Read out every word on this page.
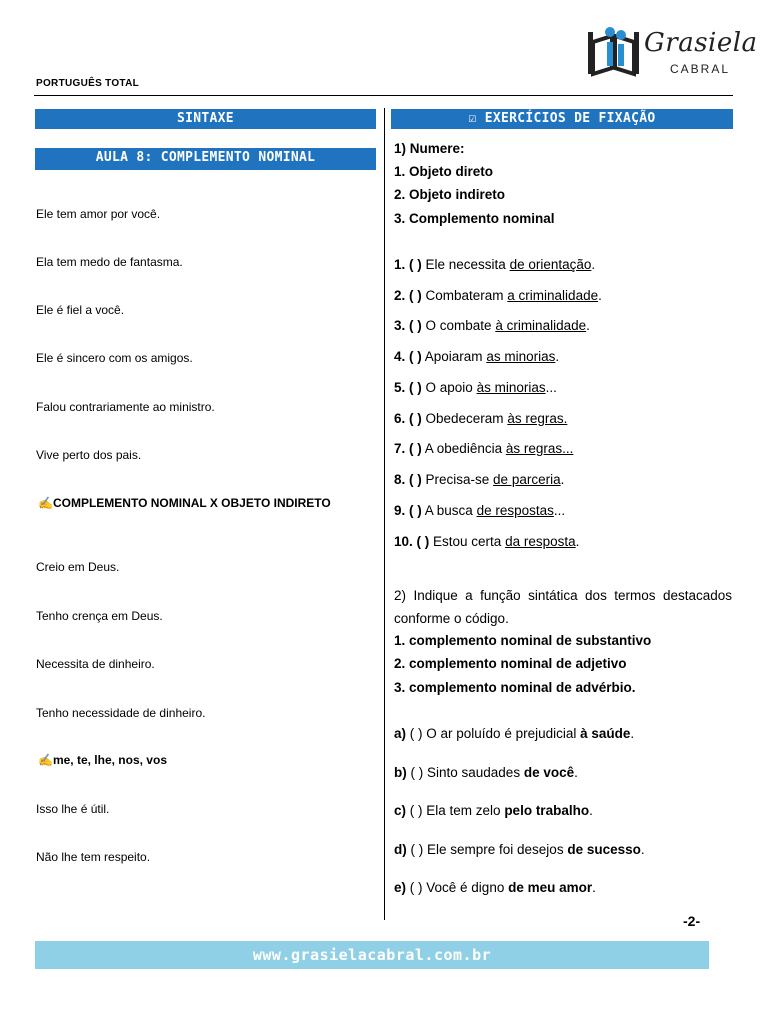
PORTUGUÊS TOTAL
Grasiela
CABRAL
SINTAXE
AULA 8: COMPLEMENTO NOMINAL
☑ EXERCÍCIOS DE FIXAÇÃO
Ele tem amor por você.
Ela tem medo de fantasma.
Ele é fiel a você.
Ele é sincero com os amigos.
Falou contrariamente ao ministro.
Vive perto dos pais.
✍COMPLEMENTO NOMINAL X OBJETO INDIRETO
Creio em Deus.
Tenho crença em Deus.
Necessita de dinheiro.
Tenho necessidade de dinheiro.
✍me, te, lhe, nos, vos
Isso lhe é útil.
Não lhe tem respeito.
1) Numere:
1. Objeto direto
2. Objeto indireto
3. Complemento nominal
1. ( ) Ele necessita de orientação.
2. ( ) Combateram a criminalidade.
3. ( ) O combate à criminalidade.
4. ( ) Apoiaram as minorias.
5. ( ) O apoio às minorias...
6. ( ) Obedeceram às regras.
7. ( ) A obediência às regras...
8. ( ) Precisa-se de parceria.
9. ( ) A busca de respostas...
10. ( ) Estou certa da resposta.
2) Indique a função sintática dos termos destacados conforme o código.
1. complemento nominal de substantivo
2. complemento nominal de adjetivo
3. complemento nominal de advérbio.
a) ( ) O ar poluído é prejudicial à saúde.
b) ( ) Sinto saudades de você.
c) ( ) Ela tem zelo pelo trabalho.
d) ( ) Ele sempre foi desejos de sucesso.
e) ( ) Você é digno de meu amor.
-2-
www.grasielacabral.com.br
